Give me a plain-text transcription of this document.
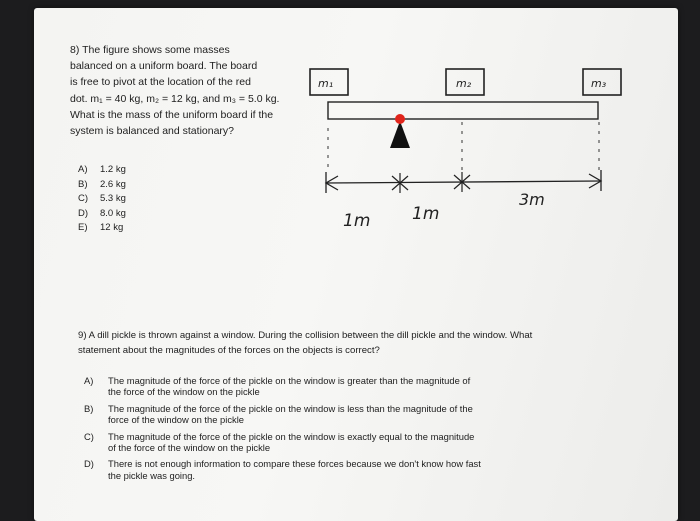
8) The figure shows some masses
balanced on a uniform board. The board
is free to pivot at the location of the red
dot. m₁ = 40 kg, m₂ = 12 kg, and m₃ = 5.0 kg.
What is the mass of the uniform board if the
system is balanced and stationary?
A)	1.2 kg
B)	2.6 kg
C)	5.3 kg
D)	8.0 kg
E)	12 kg
m₁	m₂	m₃
1m 1m
3m
9) A dill pickle is thrown against a window. During the collision between the dill pickle and the window. What
statement about the magnitudes of the forces on the objects is correct?
A)	The magnitude of the force of the pickle on the window is greater than the magnitude of
the force of the window on the pickle
B)	The magnitude of the force of the pickle on the window is less than the magnitude of the
force of the window on the pickle
C)	The magnitude of the force of the pickle on the window is exactly equal to the magnitude
of the force of the window on the pickle
D)	There is not enough information to compare these forces because we don't know how fast
the pickle was going.
